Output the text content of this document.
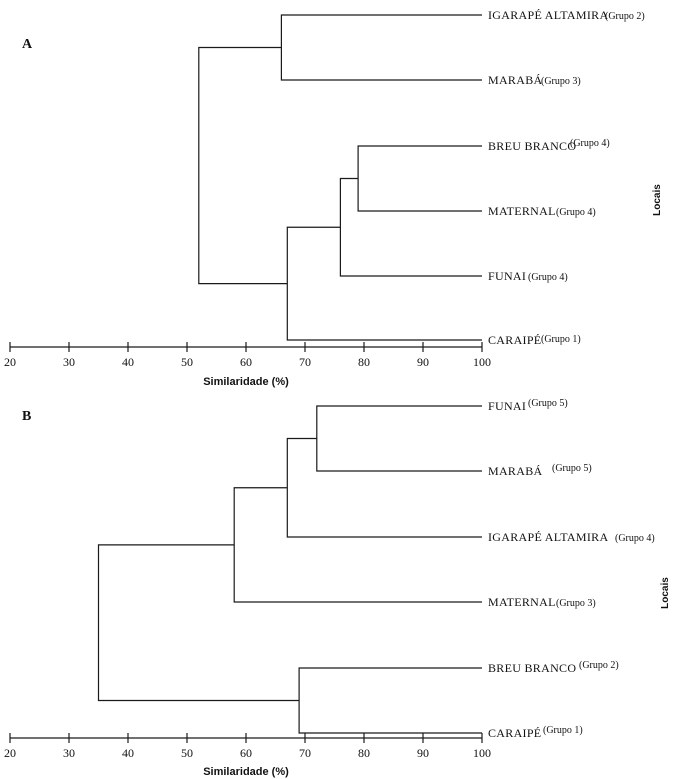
A
IGARAPÉ ALTAMIRA
(Grupo 2)
MARABÁ
(Grupo 3)
BREU BRANCO
(Grupo 4)
MATERNAL (Grupo 4)
FUNAI (Grupo 4)
CARAIPÉ (Grupo 1)
20	30	40	50	60	70	80	90	100
Similaridade (%)
B
FUNAI (Grupo 5)
MARABÁ (Grupo 5)
IGARAPÉ ALTAMIRA (Grupo 4)
MATERNAL (Grupo 3)
BREU BRANCO (Grupo 2)
CARAIPÉ (Grupo 1)
20	30	40	50	60	70	80	90	100
Similaridade (%)
Locais
Locais
